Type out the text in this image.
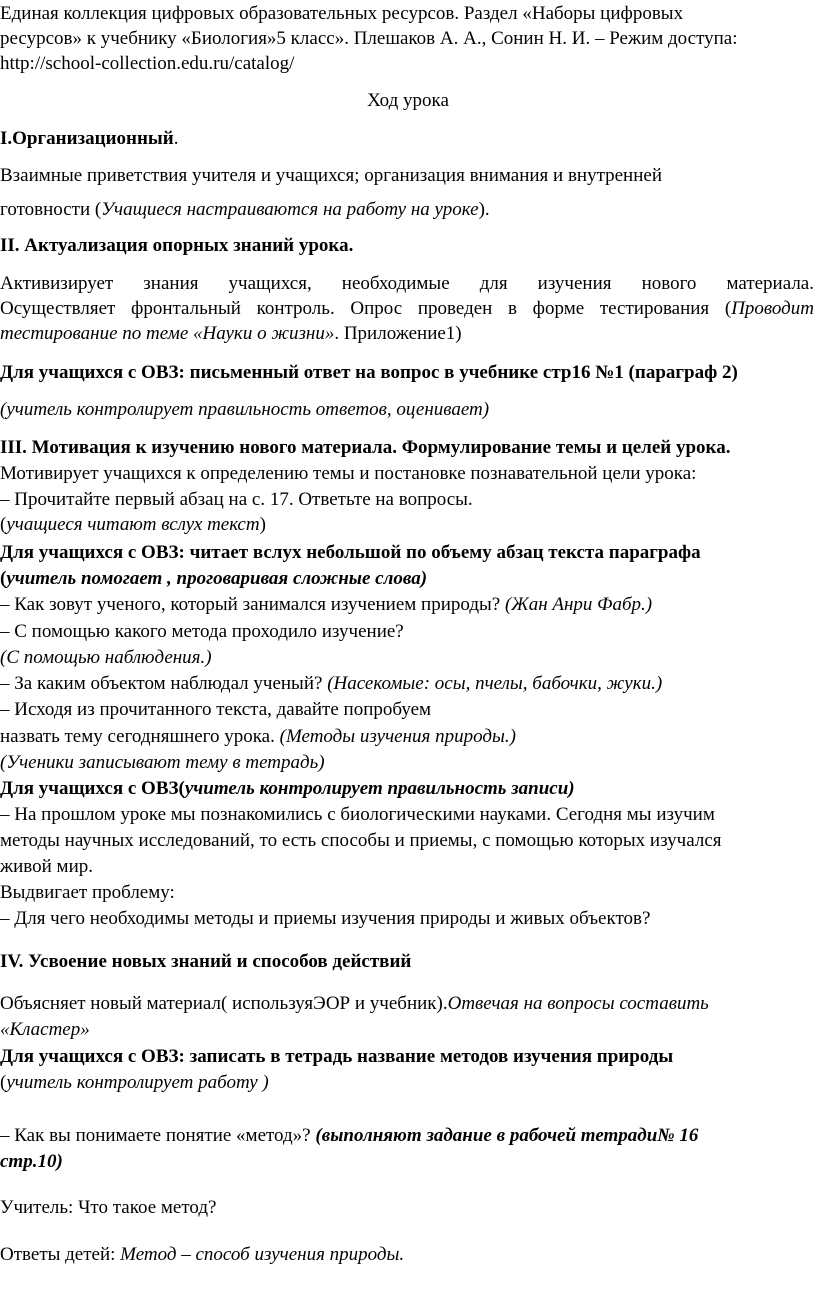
Единая коллекция цифровых образовательных ресурсов. Раздел «Наборы цифровых
ресурсов» к учебнику «Биология»5 класс». Плешаков А. А., Сонин Н. И. – Режим доступа:
http://school-collection.edu.ru/catalog/
Ход урока
I.Организационный.
Взаимные приветствия учителя и учащихся; организация внимания и внутренней
готовности (Учащиеся настраиваются на работу на уроке).
II. Актуализация опорных знаний урока.
Активизирует знания учащихся, необходимые для изучения нового материала.
Осуществляет фронтальный контроль. Опрос проведен в форме тестирования (Проводит
тестирование по теме «Науки о жизни». Приложение1)
Для учащихся с ОВЗ: письменный ответ на вопрос в учебнике стр16 №1 (параграф 2)
(учитель контролирует правильность ответов, оценивает)
III. Мотивация к изучению нового материала. Формулирование темы и целей урока.
Мотивирует учащихся к определению темы и постановке познавательной цели урока:
– Прочитайте первый абзац на с. 17. Ответьте на вопросы.
(учащиеся читают вслух текст)
Для учащихся с ОВЗ: читает вслух небольшой по объему абзац текста параграфа
(учитель помогает , проговаривая сложные слова)
– Как зовут ученого, который занимался изучением природы? (Жан Анри Фабр.)
– С помощью какого метода проходило изучение?
(С помощью наблюдения.)
– За каким объектом наблюдал ученый? (Насекомые: осы, пчелы, бабочки, жуки.)
– Исходя из прочитанного текста, давайте попробуем
назвать тему сегодняшнего урока. (Методы изучения природы.)
(Ученики записывают тему в тетрадь)
Для учащихся с ОВЗ(учитель контролирует правильность записи)
– На прошлом уроке мы познакомились с биологическими науками. Сегодня мы изучим
методы научных исследований, то есть способы и приемы, с помощью которых изучался
живой мир.
Выдвигает проблему:
– Для чего необходимы методы и приемы изучения природы и живых объектов?
IV. Усвоение новых знаний и способов действий
Объясняет новый материал( используяЭОР и учебник).Отвечая на вопросы составить
«Кластер»
Для учащихся с ОВЗ: записать в тетрадь название методов изучения природы
(учитель контролирует работу )
– Как вы понимаете понятие «метод»? (выполняют задание в рабочей тетради№ 16
стр.10)
Учитель: Что такое метод?
Ответы детей: Метод – способ изучения природы.
